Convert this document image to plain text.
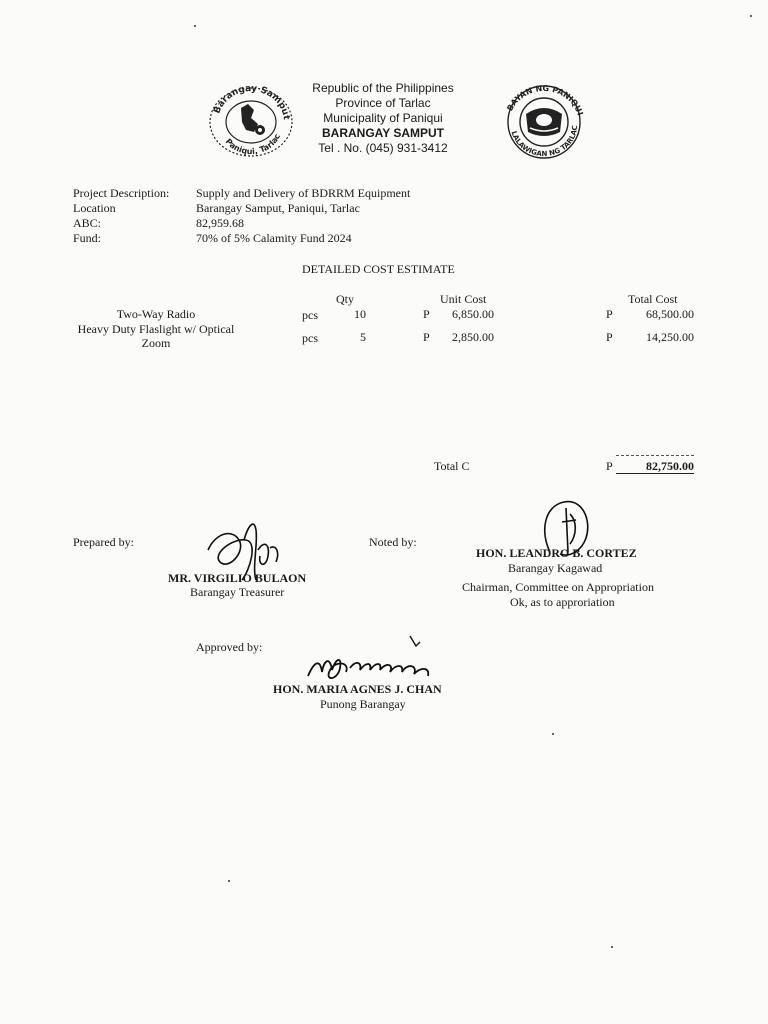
Barangay Samput
Paniqui, Tarlac
Republic of the Philippines
Province of Tarlac
Municipality of Paniqui
BARANGAY SAMPUT
Tel . No. (045) 931-3412
BAYAN NG PANIQUI
LALAWIGAN NG TARLAC
Project Description: Supply and Delivery of BDRRM Equipment
Location	Barangay Samput, Paniqui, Tarlac
ABC:	82,959.68
Fund:	70% of 5% Calamity Fund 2024
DETAILED COST ESTIMATE
Qty	Unit Cost	Total Cost
Two-Way Radio	pcs	10	P	6,850.00	P	68,500.00
Heavy Duty Flaslight w/ Optical
Zoom	pcs	5	P	2,850.00	P	14,250.00
Total C	P	82,750.00
Prepared by:
MR. VIRGILIO BULAON
Barangay Treasurer
Noted by:
HON. LEANDRO B. CORTEZ
Barangay Kagawad
Chairman, Committee on Appropriation
Ok, as to approriation
Approved by:
HON. MARIA AGNES J. CHAN
Punong Barangay
